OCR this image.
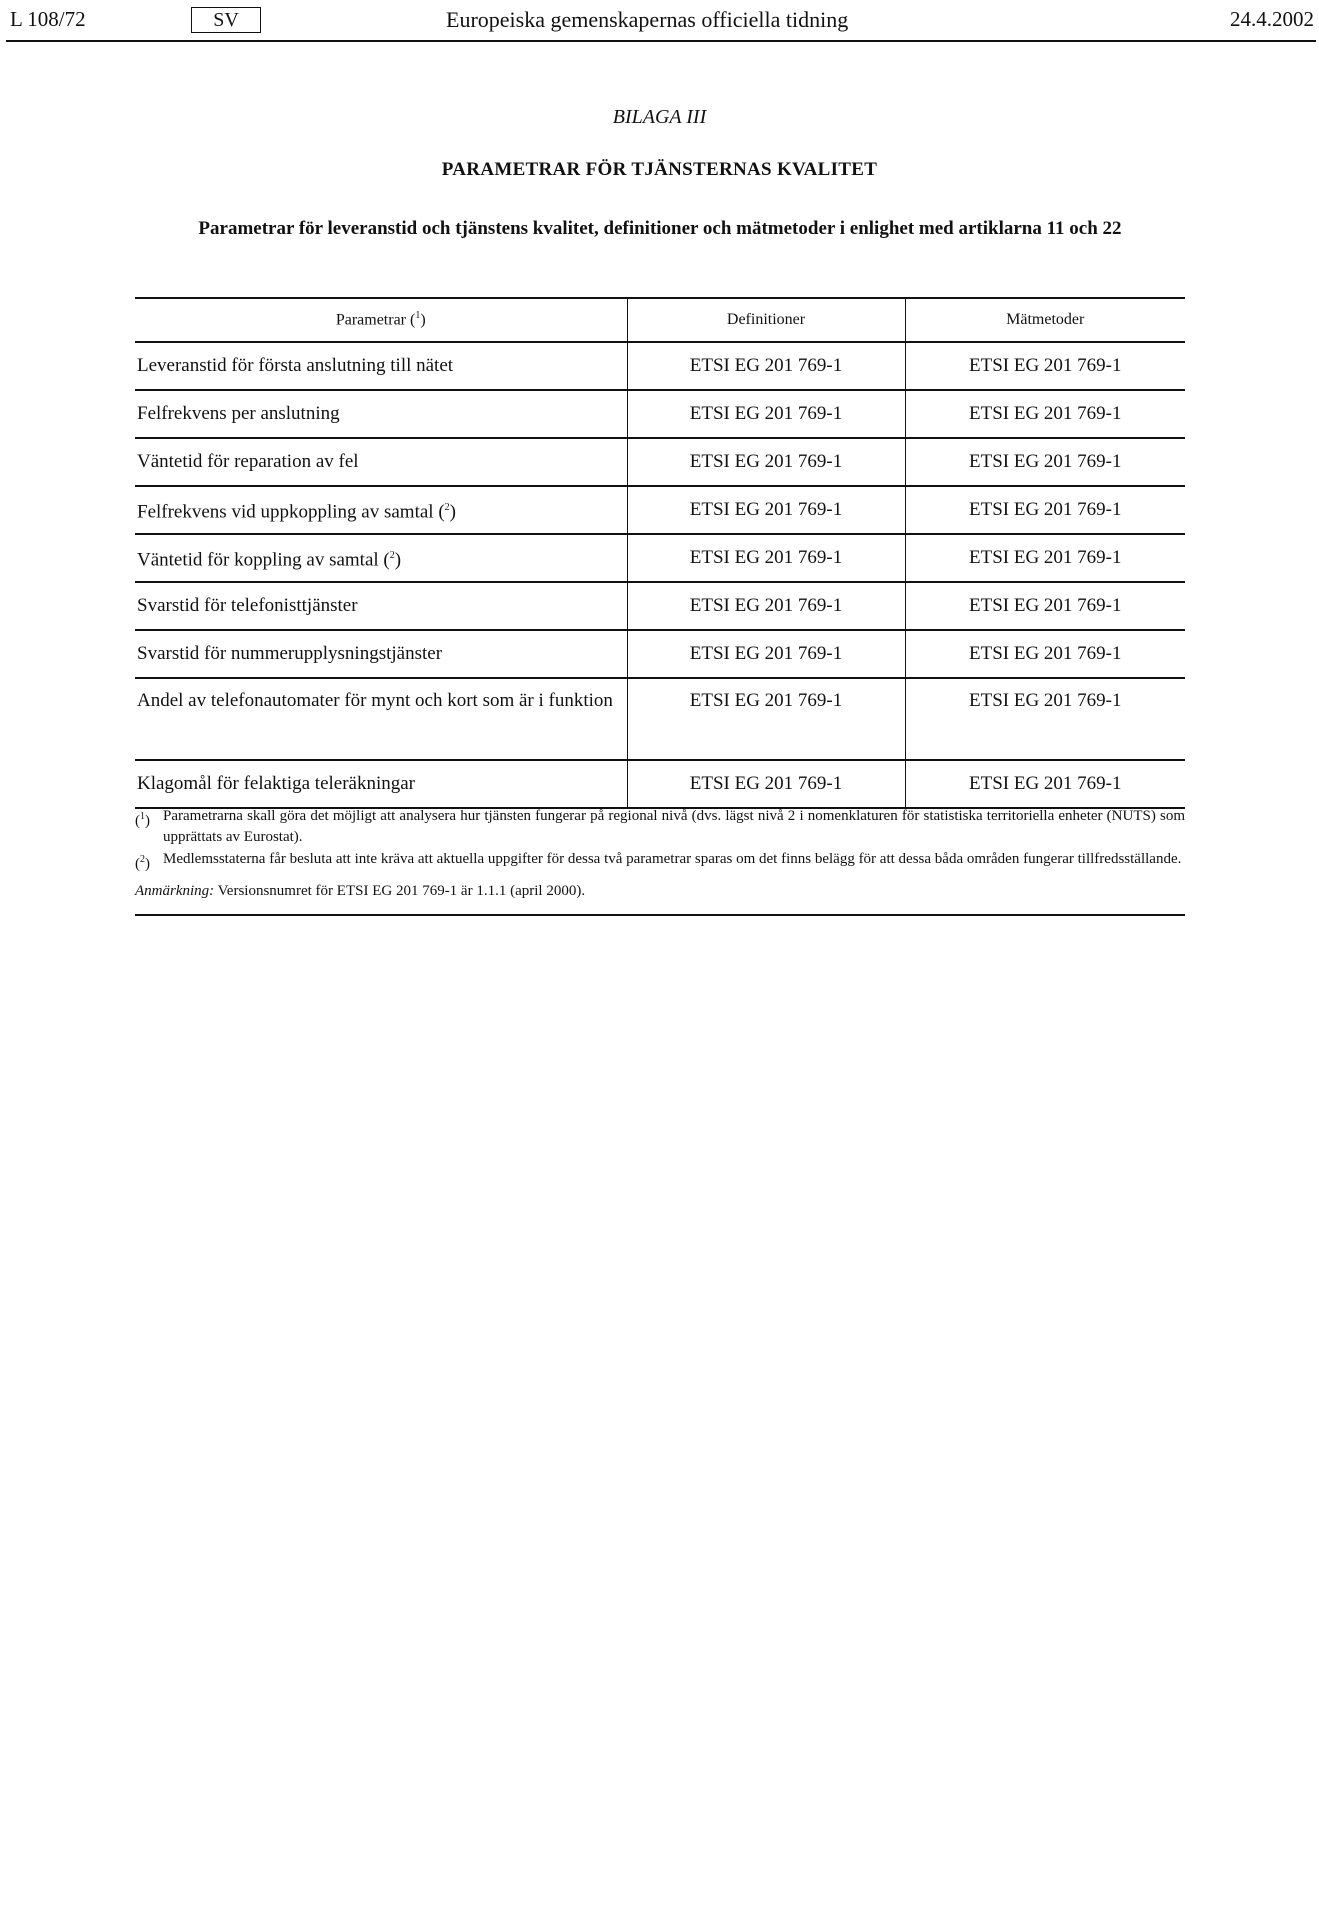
L 108/72	SV	Europeiska gemenskapernas officiella tidning	24.4.2002
BILAGA III
PARAMETRAR FÖR TJÄNSTERNAS KVALITET
Parametrar för leveranstid och tjänstens kvalitet, definitioner och mätmetoder i enlighet med artiklarna 11 och 22
Parametrar ($^1$)	Definitioner	Mätmetoder
Leveranstid för första anslutning till nätet	ETSI EG 201 769-1	ETSI EG 201 769-1
Felfrekvens per anslutning	ETSI EG 201 769-1	ETSI EG 201 769-1
Väntetid för reparation av fel	ETSI EG 201 769-1	ETSI EG 201 769-1
Felfrekvens vid uppkoppling av samtal ($^2$)	ETSI EG 201 769-1	ETSI EG 201 769-1
Väntetid för koppling av samtal ($^2$)	ETSI EG 201 769-1	ETSI EG 201 769-1
Svarstid för telefonisttjänster	ETSI EG 201 769-1	ETSI EG 201 769-1
Svarstid för nummerupplysningstjänster	ETSI EG 201 769-1	ETSI EG 201 769-1
Andel av telefonautomater för mynt och kort som är i funktion	ETSI EG 201 769-1	ETSI EG 201 769-1
Klagomål för felaktiga teleräkningar	ETSI EG 201 769-1	ETSI EG 201 769-1
($^1$) Parametrarna skall göra det möjligt att analysera hur tjänsten fungerar på regional nivå (dvs. lägst nivå 2 i nomenklaturen för statistiska territoriella enheter (NUTS) som upprättats av Eurostat).
($^2$) Medlemsstaterna får besluta att inte kräva att aktuella uppgifter för dessa två parametrar sparas om det finns belägg för att dessa båda områden fungerar tillfredsställande.
Anmärkning: Versionsnumret för ETSI EG 201 769-1 är 1.1.1 (april 2000).
